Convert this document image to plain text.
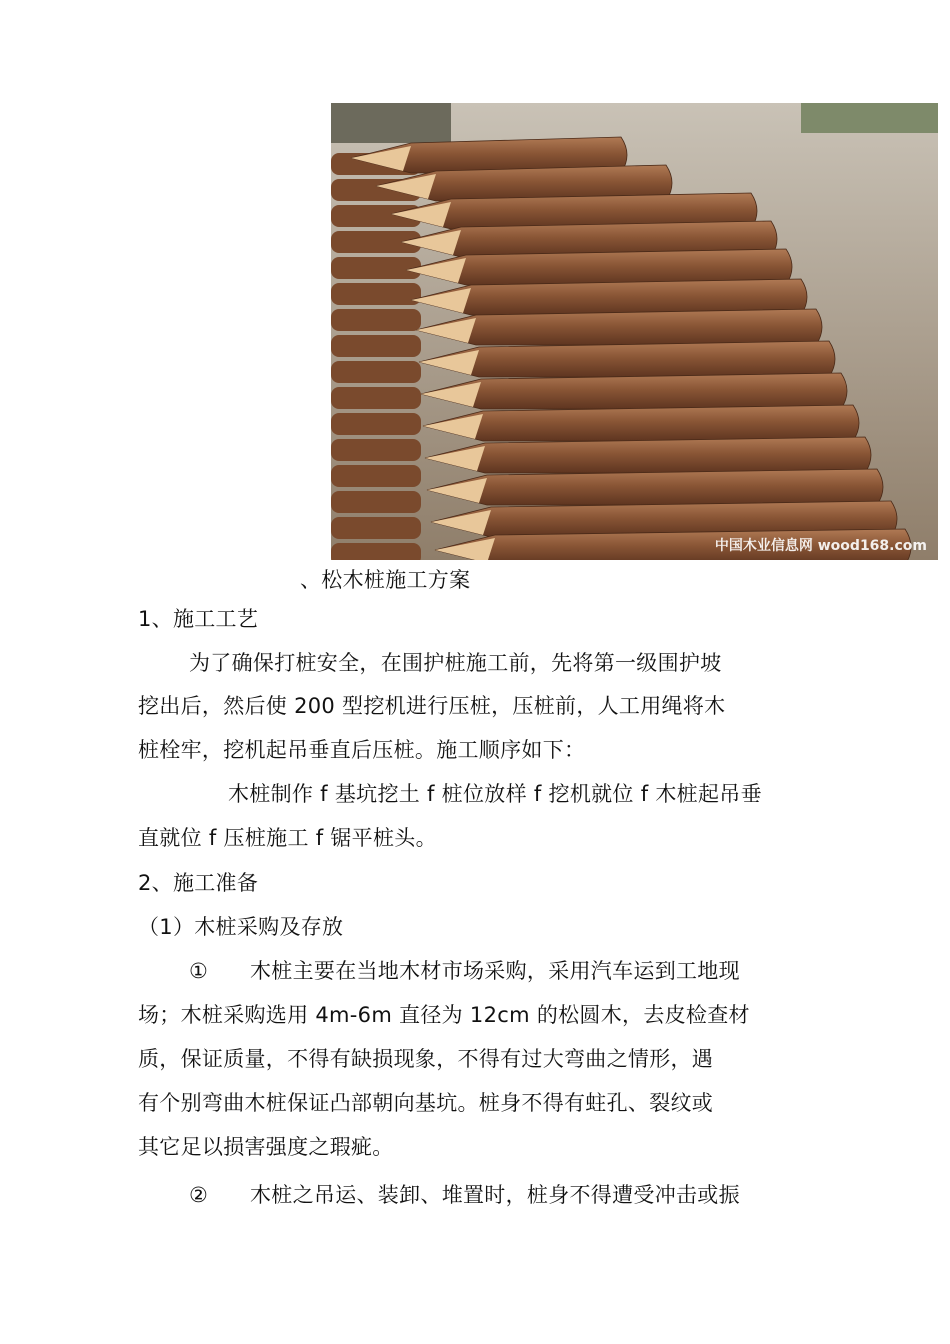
中国木业信息网 wood168.com
、松木桩施工方案
1、施工工艺
为了确保打桩安全，在围护桩施工前，先将第一级围护坡
挖出后，然后使 200 型挖机进行压桩，压桩前，人工用绳将木
桩栓牢，挖机起吊垂直后压桩。施工顺序如下：
木桩制作 f 基坑挖土 f 桩位放样 f 挖机就位 f 木桩起吊垂
直就位 f 压桩施工 f 锯平桩头。
2、施工准备
（1）木桩采购及存放
① 木桩主要在当地木材市场采购，采用汽车运到工地现
场；木桩采购选用 4m-6m 直径为 12cm 的松圆木，去皮检查材
质，保证质量，不得有缺损现象，不得有过大弯曲之情形，遇
有个别弯曲木桩保证凸部朝向基坑。桩身不得有蛀孔、裂纹或
其它足以损害强度之瑕疵。
② 木桩之吊运、装卸、堆置时，桩身不得遭受冲击或振
